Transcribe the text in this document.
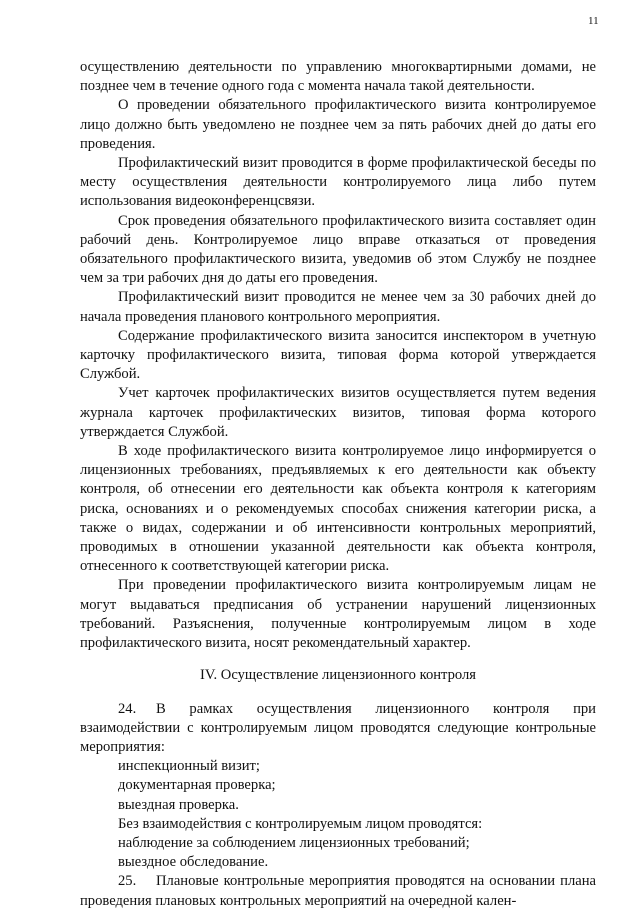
11

осуществлению деятельности по управлению многоквартирными домами, не позднее чем в течение одного года с момента начала такой деятельности.

О проведении обязательного профилактического визита контролируемое лицо должно быть уведомлено не позднее чем за пять рабочих дней до даты его проведения.

Профилактический визит проводится в форме профилактической беседы по месту осуществления деятельности контролируемого лица либо путем использования видеоконференцсвязи.

Срок проведения обязательного профилактического визита составляет один рабочий день. Контролируемое лицо вправе отказаться от проведения обязательного профилактического визита, уведомив об этом Службу не позднее чем за три рабочих дня до даты его проведения.

Профилактический визит проводится не менее чем за 30 рабочих дней до начала проведения планового контрольного мероприятия.

Содержание профилактического визита заносится инспектором в учетную карточку профилактического визита, типовая форма которой утверждается Службой.

Учет карточек профилактических визитов осуществляется путем ведения журнала карточек профилактических визитов, типовая форма которого утверждается Службой.

В ходе профилактического визита контролируемое лицо информируется о лицензионных требованиях, предъявляемых к его деятельности как объекту контроля, об отнесении его деятельности как объекта контроля к категориям риска, основаниях и о рекомендуемых способах снижения категории риска, а также о видах, содержании и об интенсивности контрольных мероприятий, проводимых в отношении указанной деятельности как объекта контроля, отнесенного к соответствующей категории риска.

При проведении профилактического визита контролируемым лицам не могут выдаваться предписания об устранении нарушений лицензионных требований. Разъяснения, полученные контролируемым лицом в ходе профилактического визита, носят рекомендательный характер.

IV. Осуществление лицензионного контроля

24. В рамках осуществления лицензионного контроля при взаимодействии с контролируемым лицом проводятся следующие контрольные мероприятия:

инспекционный визит;

документарная проверка;

выездная проверка.

Без взаимодействия с контролируемым лицом проводятся:

наблюдение за соблюдением лицензионных требований;

выездное обследование.

25. Плановые контрольные мероприятия проводятся на основании плана проведения плановых контрольных мероприятий на очередной кален-
